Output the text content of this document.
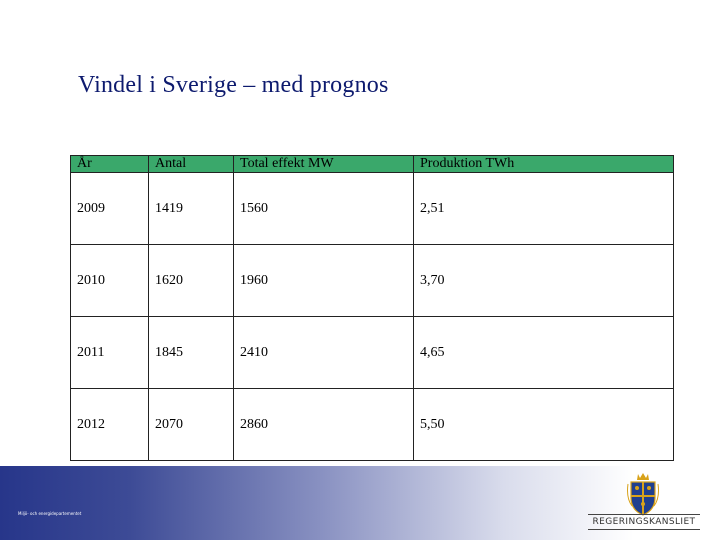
Vindel i Sverige – med prognos
År	Antal	Total effekt MW	Produktion TWh
2009	1419	1560	2,51
2010	1620	1960	3,70
2011	1845	2410	4,65
2012	2070	2860	5,50
Miljö- och energidepartementet
REGERINGSKANSLIET
